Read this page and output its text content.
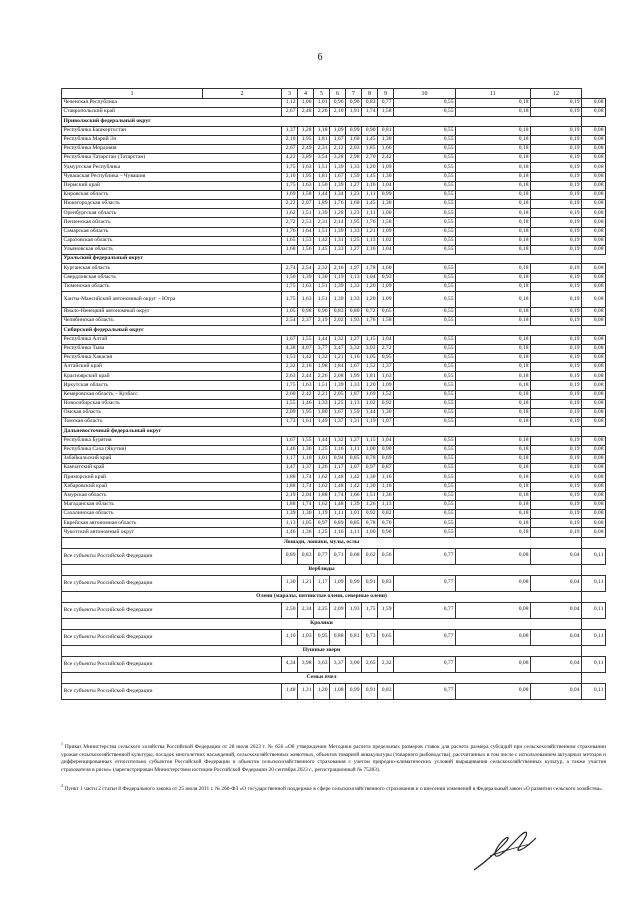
6
1	2	3	4	5	6	7	8	9	10	11	12	
Чеченская Республика		1,12	1,06	1,01	0,96	0,90	0,83	0,77	0,55	0,18	0,19	0,08
Ставропольский край		2,67	2,48	2,26	2,10	1,91	1,74	1,58	0,55	0,18	0,19	0,08
Приволжский федеральный округ												
Республика Башкортостан		1,37	1,28	1,18	1,09	0,99	0,90	0,81	0,55	0,18	0,19	0,08
Республика Марий Эл		2,10	1,95	1,81	1,67	1,60	1,45	1,30	0,55	0,18	0,19	0,08
Республика Мордовия		2,67	2,49	2,31	2,12	2,03	1,85	1,66	0,55	0,18	0,19	0,08
Республика Татарстан (Татарстан)		4,22	3,89	3,54	3,28	2,98	2,70	2,42	0,55	0,18	0,19	0,08
Удмуртская Республика		1,75	1,63	1,51	1,39	1,33	1,20	1,09	0,55	0,18	0,19	0,08
Чувашская Республика – Чувашия		2,10	1,95	1,81	1,67	1,59	1,45	1,30	0,55	0,18	0,19	0,08
Пермский край		1,75	1,63	1,50	1,39	1,27	1,16	1,04	0,55	0,18	0,19	0,08
Кировская область		1,69	1,58	1,44	1,34	1,23	1,11	0,99	0,55	0,18	0,19	0,08
Нижегородская область		2,22	2,07	1,89	1,76	1,60	1,45	1,30	0,55	0,18	0,19	0,08
Оренбургская область		1,62	1,51	1,39	1,28	1,23	1,11	1,00	0,55	0,18	0,19	0,08
Пензенская область		2,72	2,53	2,31	2,14	1,95	1,76	1,58	0,55	0,18	0,19	0,08
Самарская область		1,76	1,64	1,51	1,39	1,33	1,21	1,09	0,55	0,18	0,19	0,08
Саратовская область		1,65	1,53	1,42	1,31	1,25	1,13	1,02	0,55	0,18	0,19	0,08
Ульяновская область		1,68	1,56	1,45	1,33	1,27	1,16	1,04	0,55	0,18	0,19	0,08
Уральский федеральный округ												
Курганская область		2,74	2,54	2,32	2,16	1,97	1,78	1,60	0,55	0,18	0,19	0,08
Свердловская область		1,50	1,39	1,30	1,19	1,13	1,04	0,93	0,55	0,18	0,19	0,08
Тюменская область		1,75	1,63	1,51	1,39	1,33	1,20	1,09	0,55	0,18	0,19	0,08
Ханты-Мансийский автономный округ – Югра		1,75	1,63	1,51	1,39	1,33	1,20	1,09	0,55	0,18	0,19	0,08
Ямало-Ненецкий автономный округ		1,05	0,98	0,90	0,83	0,80	0,72	0,65	0,55	0,18	0,19	0,08
Челябинская область		2,54	2,37	2,19	2,02	1,93	1,76	1,58	0,55	0,18	0,19	0,08
Сибирский федеральный округ												
Республика Алтай		1,67	1,55	1,44	1,32	1,27	1,15	1,04	0,55	0,18	0,19	0,08
Республика Тыва		4,38	4,07	3,77	3,47	3,32	3,02	2,72	0,55	0,18	0,19	0,08
Республика Хакасия		1,53	1,42	1,32	1,21	1,16	1,05	0,95	0,55	0,18	0,19	0,08
Алтайский край		2,32	2,16	1,98	1,84	1,67	1,52	1,37	0,55	0,18	0,19	0,08
Красноярский край		2,63	2,44	2,26	2,08	1,99	1,81	1,63	0,55	0,18	0,19	0,08
Иркутская область		1,75	1,63	1,51	1,39	1,33	1,20	1,09	0,55	0,18	0,19	0,08
Кемеровская область – Кузбасс		2,60	2,42	2,21	2,05	1,87	1,69	1,52	0,55	0,18	0,19	0,08
Новосибирская область		1,55	1,46	1,33	1,25	1,13	1,02	0,92	0,55	0,18	0,19	0,08
Омская область		2,09	1,95	1,80	1,67	1,59	1,44	1,30	0,55	0,18	0,19	0,08
Томская область		1,73	1,61	1,49	1,37	1,31	1,19	1,07	0,55	0,18	0,19	0,08
Дальневосточный федеральный округ												
Республика Бурятия		1,67	1,55	1,44	1,32	1,27	1,15	1,04	0,55	0,18	0,19	0,08
Республика Саха (Якутия)		1,46	1,36	1,25	1,16	1,11	1,00	0,90	0,55	0,18	0,19	0,08
Забайкальский край		1,17	1,10	1,01	0,94	0,85	0,78	0,69	0,55	0,18	0,19	0,08
Камчатский край		1,47	1,37	1,26	1,17	1,07	0,97	0,87	0,55	0,18	0,19	0,08
Приморский край		1,88	1,74	1,62	1,48	1,42	1,30	1,16	0,55	0,18	0,19	0,08
Хабаровский край		1,88	1,74	1,62	1,48	1,42	1,30	1,16	0,55	0,18	0,19	0,08
Амурская область		2,19	2,04	1,88	1,74	1,66	1,51	1,36	0,55	0,18	0,19	0,08
Магаданская область		1,88	1,74	1,62	1,48	1,39	1,26	1,13	0,55	0,18	0,19	0,08
Сахалинская область		1,39	1,30	1,19	1,11	1,01	0,92	0,82	0,55	0,18	0,19	0,08
Еврейская автономная область		1,13	1,05	0,97	0,89	0,85	0,78	0,70	0,55	0,18	0,19	0,08
Чукотский автономный округ		1,46	1,36	1,25	1,16	1,11	1,00	0,90	0,55	0,18	0,19	0,08
Лошади, лошаки, мулы, ослы												
Все субъекты Российской Федерации		0,89	0,83	0,77	0,71	0,68	0,62	0,56	0,77	0,08	0,04	0,11
Верблюды												
Все субъекты Российской Федерации		1,30	1,21	1,17	1,09	0,99	0,91	0,83	0,77	0,08	0,04	0,11
Олени (маралы, пятнистые олени, северные олени)												
Все субъекты Российской Федерации		2,50	2,34	2,25	2,09	1,93	1,75	1,59	0,77	0,08	0,04	0,11
Кролики												
Все субъекты Российской Федерации		1,10	1,03	0,95	0,88	0,81	0,73	0,65	0,77	0,08	0,04	0,11
Пушные звери												
Все субъекты Российской Федерации		4,34	3,98	3,63	3,37	3,00	2,65	2,32	0,77	0,08	0,04	0,11
Семьи пчел												
Все субъекты Российской Федерации		1,48	1,31	1,20	1,08	0,99	0,91	0,83	0,77	0,08	0,04	0,11
$^1$ Приказ Министерства сельского хозяйства Российской Федерации от 28 июля 2023 г. № 656 «Об утверждении Методики расчета предельных размеров ставок для расчета размера субсидий при сельскохозяйственном страховании урожая сельскохозяйственной культуры, посадок многолетних насаждений, сельскохозяйственных животных, объектов товарной аквакультуры (товарного рыбоводства), рассчитанных в том числе с использованием актуарных методов и дифференцированных относительно субъектов Российской Федерации и объектов сельскохозяйственного страхования с учетом природно-климатических условий выращивания сельскохозяйственных культур, а также участия страхователя в риске» (зарегистрирован Министерством юстиции Российской Федерации 20 сентября 2023 г., регистрационный № 75283).
$^2$ Пункт 1 части 2 статьи 8 Федерального закона от 25 июля 2011 г. № 260-ФЗ «О государственной поддержке в сфере сельскохозяйственного страхования и о внесении изменений в Федеральный закон «О развитии сельского хозяйства».
